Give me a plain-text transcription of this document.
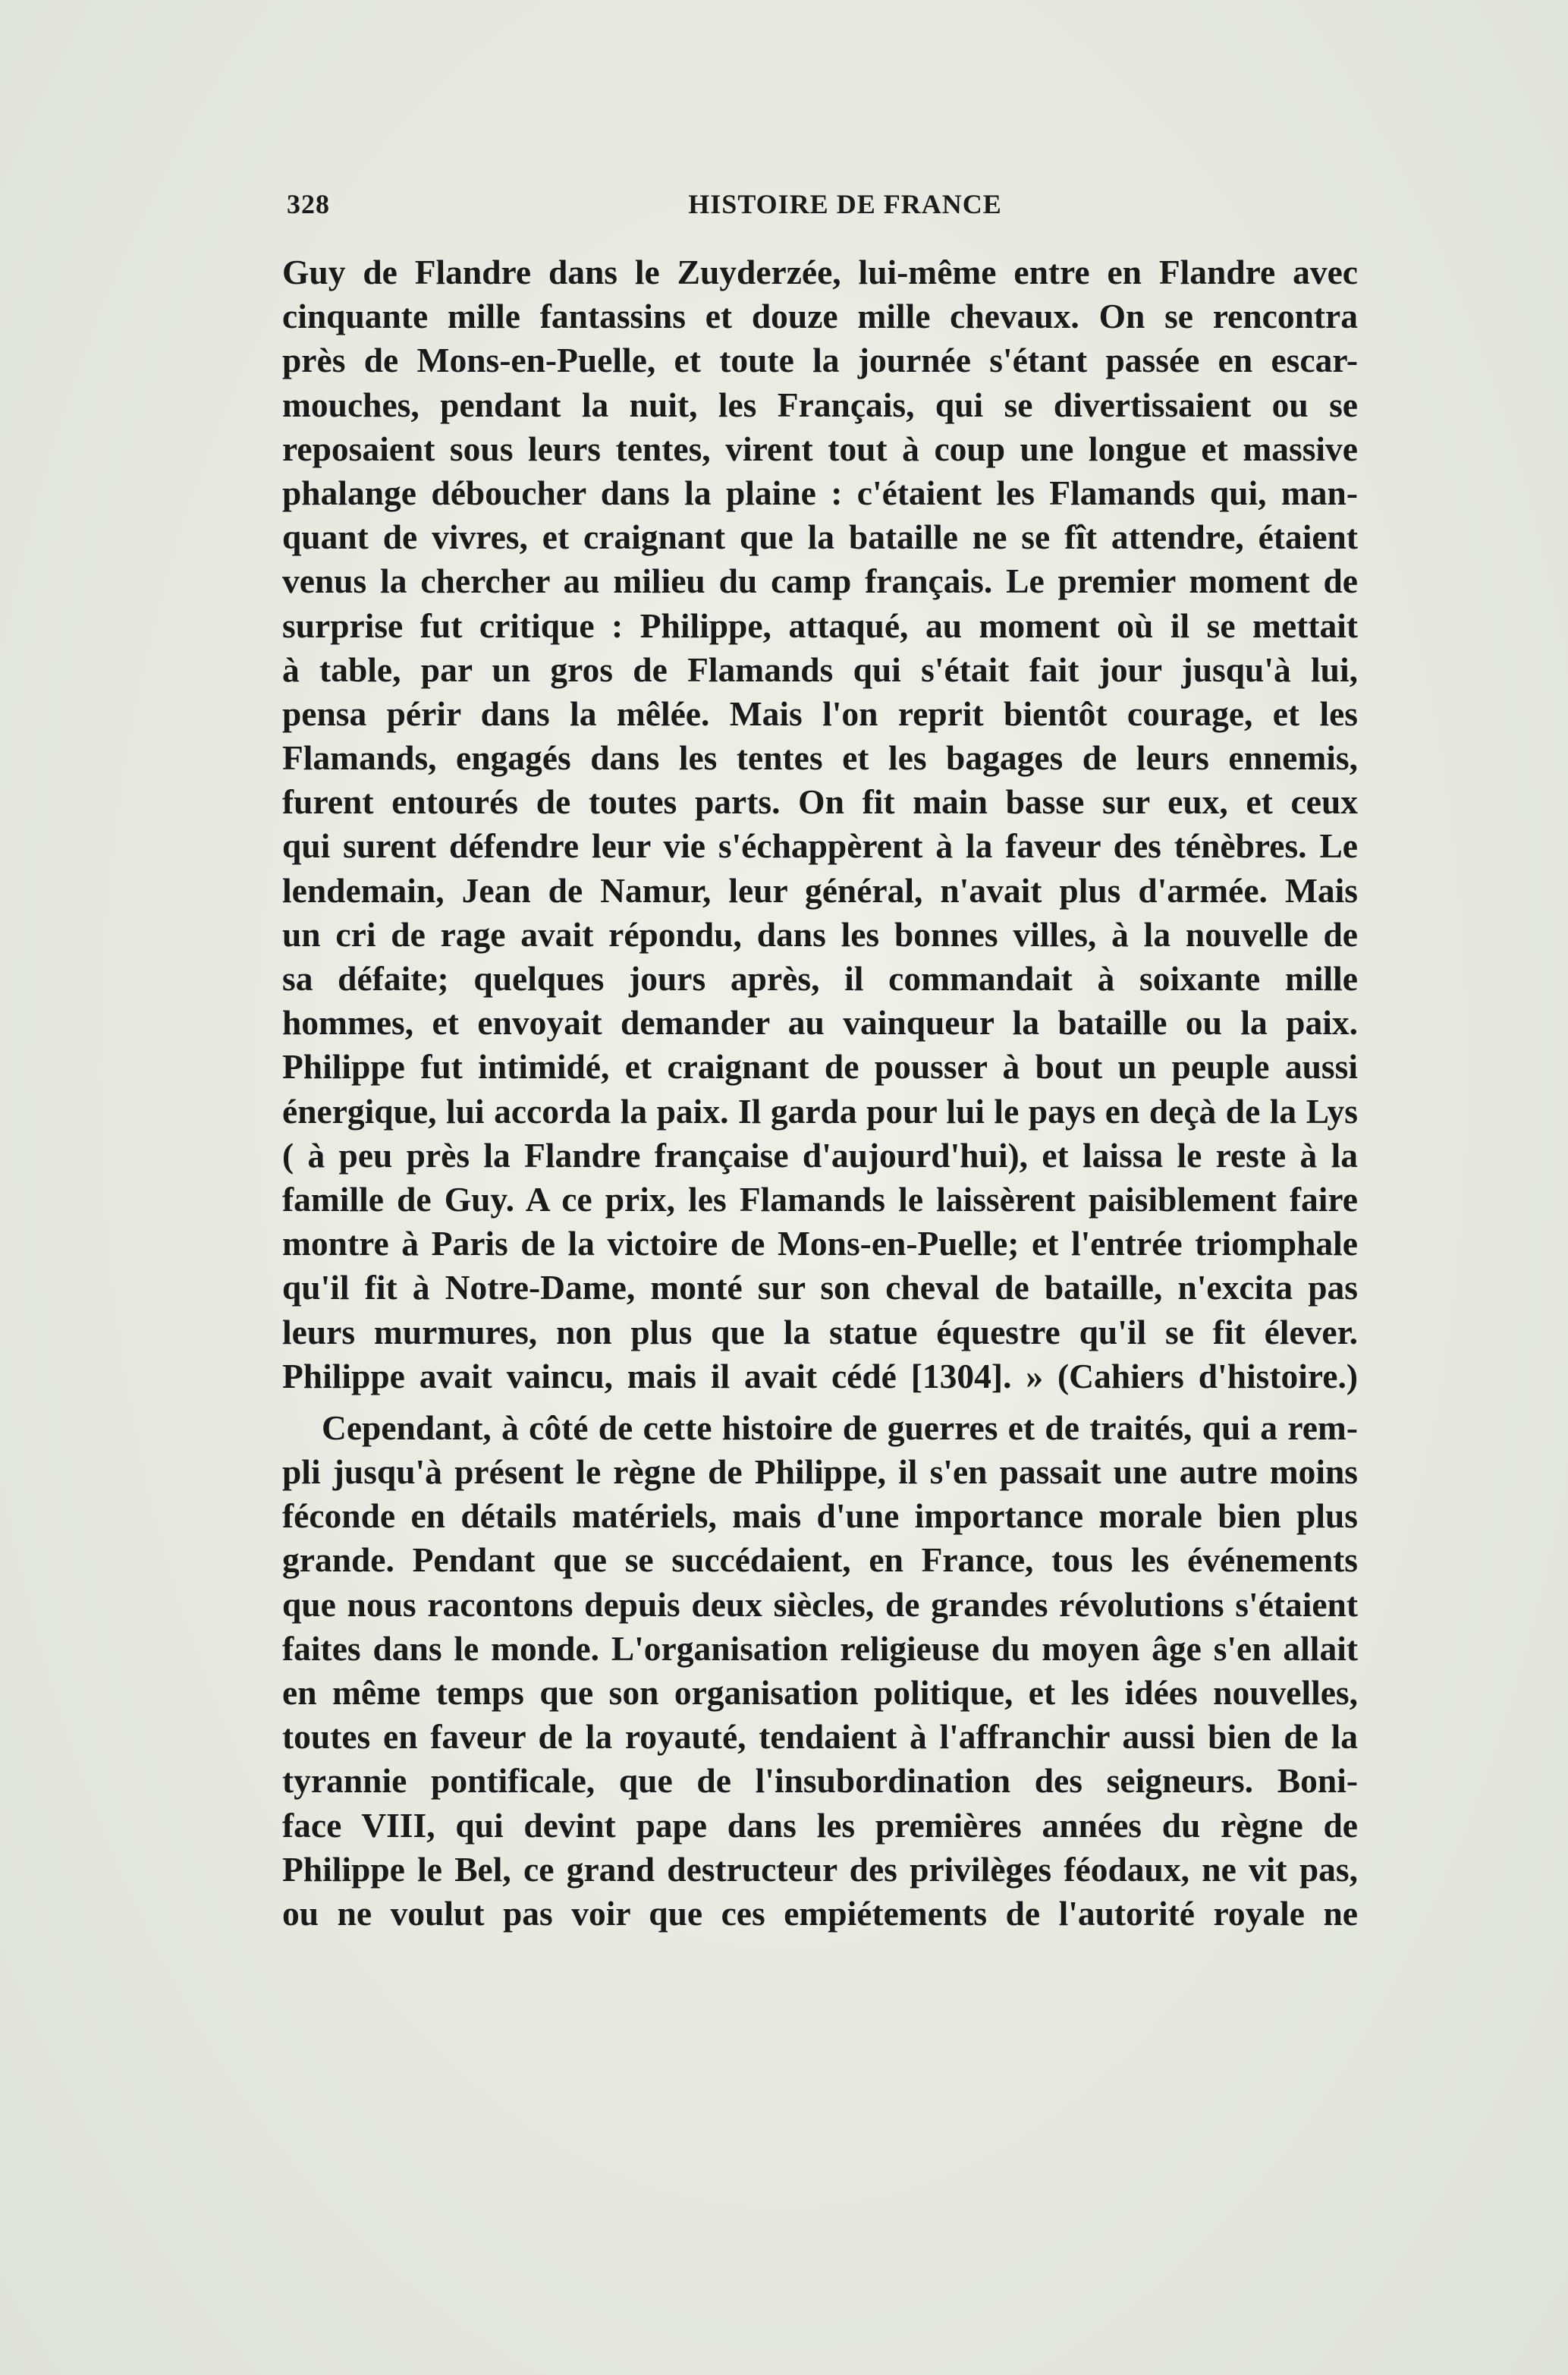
328	HISTOIRE DE FRANCE
Guy de Flandre dans le Zuyderzée, lui-même entre en Flandre avec
cinquante mille fantassins et douze mille chevaux. On se rencontra
près de Mons-en-Puelle, et toute la journée s'étant passée en escar-
mouches, pendant la nuit, les Français, qui se divertissaient ou se
reposaient sous leurs tentes, virent tout à coup une longue et massive
phalange déboucher dans la plaine : c'étaient les Flamands qui, man-
quant de vivres, et craignant que la bataille ne se fît attendre, étaient
venus la chercher au milieu du camp français. Le premier moment de
surprise fut critique : Philippe, attaqué, au moment où il se mettait
à table, par un gros de Flamands qui s'était fait jour jusqu'à lui,
pensa périr dans la mêlée. Mais l'on reprit bientôt courage, et les
Flamands, engagés dans les tentes et les bagages de leurs ennemis,
furent entourés de toutes parts. On fit main basse sur eux, et ceux
qui surent défendre leur vie s'échappèrent à la faveur des ténèbres. Le
lendemain, Jean de Namur, leur général, n'avait plus d'armée. Mais
un cri de rage avait répondu, dans les bonnes villes, à la nouvelle de
sa défaite; quelques jours après, il commandait à soixante mille
hommes, et envoyait demander au vainqueur la bataille ou la paix.
Philippe fut intimidé, et craignant de pousser à bout un peuple aussi
énergique, lui accorda la paix. Il garda pour lui le pays en deçà de la Lys
( à peu près la Flandre française d'aujourd'hui), et laissa le reste à la
famille de Guy. A ce prix, les Flamands le laissèrent paisiblement faire
montre à Paris de la victoire de Mons-en-Puelle; et l'entrée triomphale
qu'il fit à Notre-Dame, monté sur son cheval de bataille, n'excita pas
leurs murmures, non plus que la statue équestre qu'il se fit élever.
Philippe avait vaincu, mais il avait cédé [1304]. » (Cahiers d'histoire.)
Cependant, à côté de cette histoire de guerres et de traités, qui a rem-
pli jusqu'à présent le règne de Philippe, il s'en passait une autre moins
féconde en détails matériels, mais d'une importance morale bien plus
grande. Pendant que se succédaient, en France, tous les événements
que nous racontons depuis deux siècles, de grandes révolutions s'étaient
faites dans le monde. L'organisation religieuse du moyen âge s'en allait
en même temps que son organisation politique, et les idées nouvelles,
toutes en faveur de la royauté, tendaient à l'affranchir aussi bien de la
tyrannie pontificale, que de l'insubordination des seigneurs. Boni-
face VIII, qui devint pape dans les premières années du règne de
Philippe le Bel, ce grand destructeur des privilèges féodaux, ne vit pas,
ou ne voulut pas voir que ces empiétements de l'autorité royale ne
